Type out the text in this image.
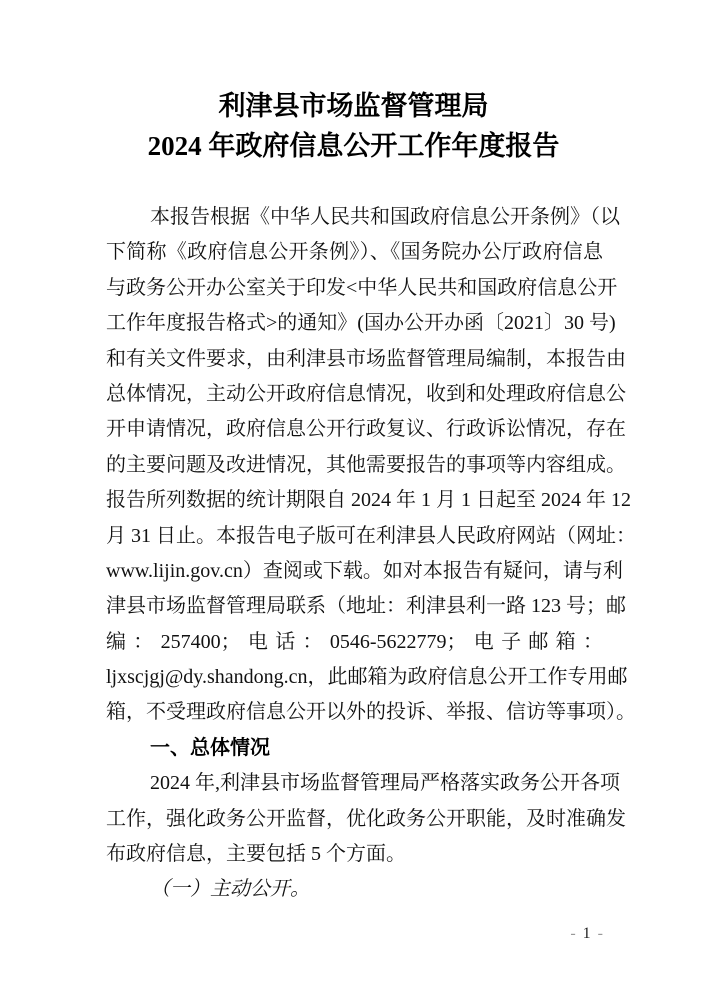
利津县市场监督管理局
2024 年政府信息公开工作年度报告
本报告根据《中华人民共和国政府信息公开条例》（以
下简称《政府信息公开条例》）、《国务院办公厅政府信息
与政务公开办公室关于印发<中华人民共和国政府信息公开
工作年度报告格式>的通知》(国办公开办函〔2021〕30 号)
和有关文件要求，由利津县市场监督管理局编制，本报告由
总体情况，主动公开政府信息情况，收到和处理政府信息公
开申请情况，政府信息公开行政复议、行政诉讼情况，存在
的主要问题及改进情况，其他需要报告的事项等内容组成。
报告所列数据的统计期限自 2024 年 1 月 1 日起至 2024 年 12
月 31 日止。本报告电子版可在利津县人民政府网站（网址：
www.lijin.gov.cn）查阅或下载。如对本报告有疑问，请与利
津县市场监督管理局联系（地址：利津县利一路 123 号；邮
编：257400；电话：0546-5622779；电子邮箱：
ljxscjgj@dy.shandong.cn，此邮箱为政府信息公开工作专用邮
箱，不受理政府信息公开以外的投诉、举报、信访等事项）。
一、总体情况
2024 年,利津县市场监督管理局严格落实政务公开各项
工作，强化政务公开监督，优化政务公开职能，及时准确发
布政府信息，主要包括 5 个方面。
（一）主动公开。
- 1 -
